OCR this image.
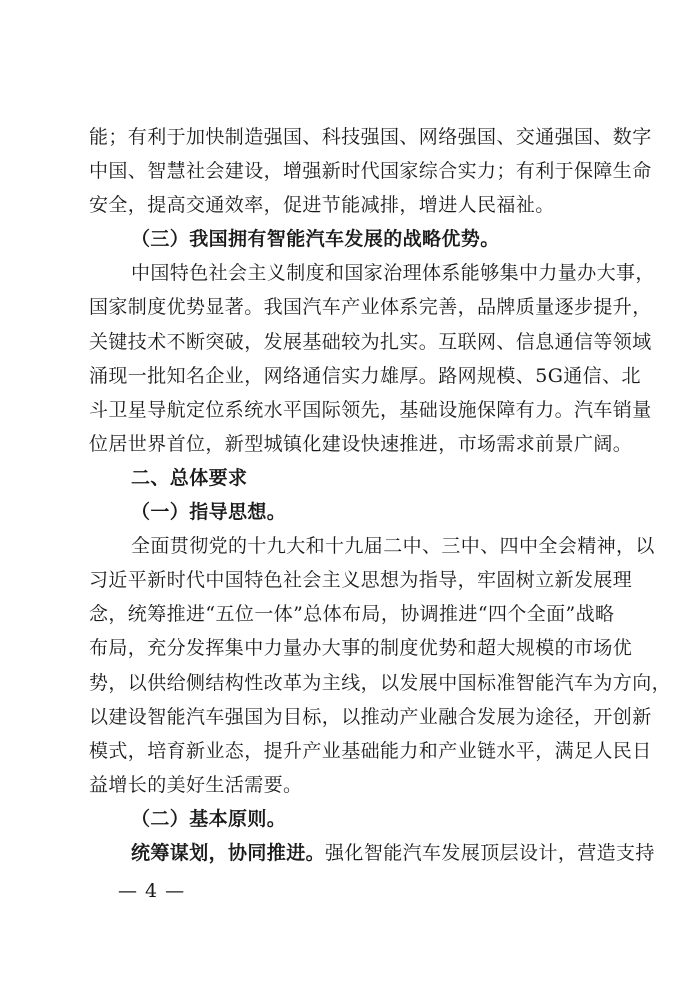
能；有利于加快制造强国、科技强国、网络强国、交通强国、数字
中国、智慧社会建设，增强新时代国家综合实力；有利于保障生命
安全，提高交通效率，促进节能减排，增进人民福祉。
（三）我国拥有智能汽车发展的战略优势。
中国特色社会主义制度和国家治理体系能够集中力量办大事，
国家制度优势显著。我国汽车产业体系完善，品牌质量逐步提升，
关键技术不断突破，发展基础较为扎实。互联网、信息通信等领域
涌现一批知名企业，网络通信实力雄厚。路网规模、5G通信、北
斗卫星导航定位系统水平国际领先，基础设施保障有力。汽车销量
位居世界首位，新型城镇化建设快速推进，市场需求前景广阔。
二、总体要求
（一）指导思想。
全面贯彻党的十九大和十九届二中、三中、四中全会精神，以
习近平新时代中国特色社会主义思想为指导，牢固树立新发展理
念，统筹推进“五位一体”总体布局，协调推进“四个全面”战略
布局，充分发挥集中力量办大事的制度优势和超大规模的市场优
势，以供给侧结构性改革为主线，以发展中国标准智能汽车为方向，
以建设智能汽车强国为目标，以推动产业融合发展为途径，开创新
模式，培育新业态，提升产业基础能力和产业链水平，满足人民日
益增长的美好生活需要。
（二）基本原则。
统筹谋划，协同推进。强化智能汽车发展顶层设计，营造支持
— 4 —
